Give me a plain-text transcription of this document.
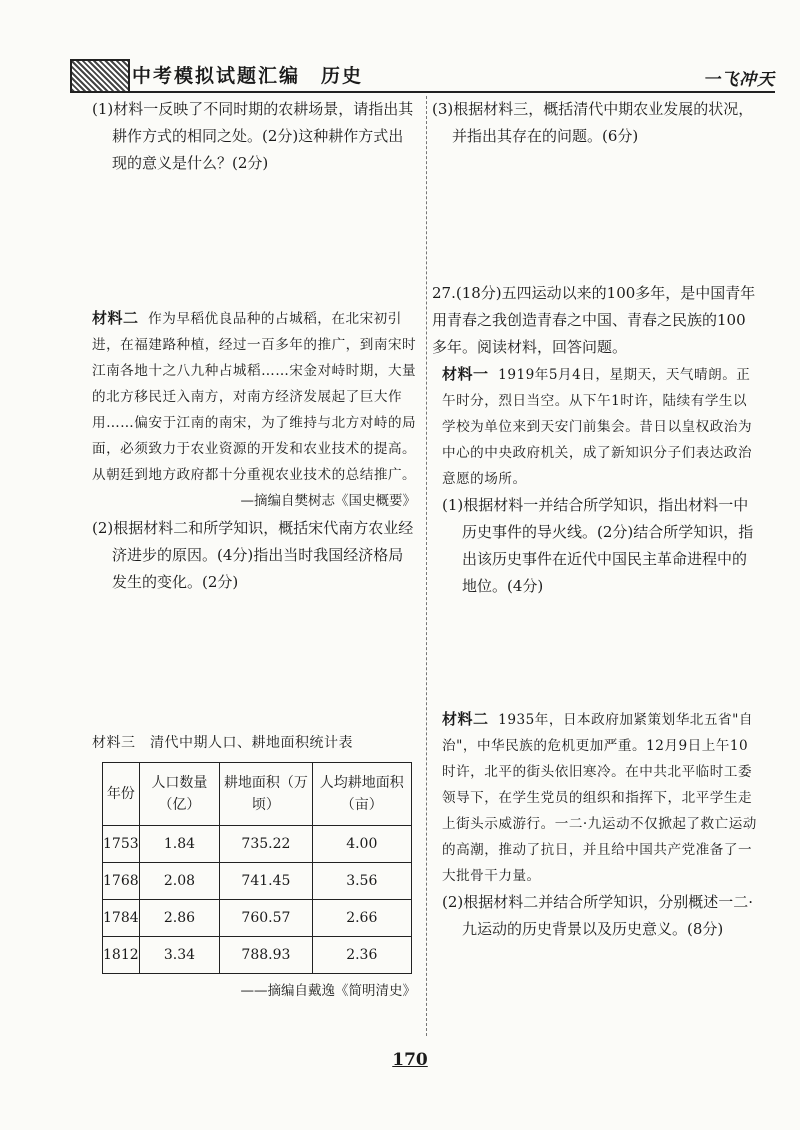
中考模拟试题汇编　历史	一飞冲天

(1)材料一反映了不同时期的农耕场景，请指出其耕作方式的相同之处。(2分)这种耕作方式出现的意义是什么？(2分)

材料二 作为早稻优良品种的占城稻，在北宋初引进，在福建路种植，经过一百多年的推广，到南宋时江南各地十之八九种占城稻……宋金对峙时期，大量的北方移民迁入南方，对南方经济发展起了巨大作用……偏安于江南的南宋，为了维持与北方对峙的局面，必须致力于农业资源的开发和农业技术的提高。从朝廷到地方政府都十分重视农业技术的总结推广。

—摘编自樊树志《国史概要》

(2)根据材料二和所学知识，概括宋代南方农业经济进步的原因。(4分)指出当时我国经济格局发生的变化。(2分)

材料三　清代中期人口、耕地面积统计表

年份	人口数量（亿）	耕地面积（万顷）	人均耕地面积（亩）
1753	1.84	735.22	4.00
1768	2.08	741.45	3.56
1784	2.86	760.57	2.66
1812	3.34	788.93	2.36

——摘编自戴逸《简明清史》

(3)根据材料三，概括清代中期农业发展的状况，并指出其存在的问题。(6分)

27.(18分)五四运动以来的100多年，是中国青年用青春之我创造青春之中国、青春之民族的100多年。阅读材料，回答问题。

材料一 1919年5月4日，星期天，天气晴朗。正午时分，烈日当空。从下午1时许，陆续有学生以学校为单位来到天安门前集会。昔日以皇权政治为中心的中央政府机关，成了新知识分子们表达政治意愿的场所。

(1)根据材料一并结合所学知识，指出材料一中历史事件的导火线。(2分)结合所学知识，指出该历史事件在近代中国民主革命进程中的地位。(4分)

材料二 1935年，日本政府加紧策划华北五省"自治"，中华民族的危机更加严重。12月9日上午10时许，北平的街头依旧寒冷。在中共北平临时工委领导下，在学生党员的组织和指挥下，北平学生走上街头示威游行。一二·九运动不仅掀起了救亡运动的高潮，推动了抗日，并且给中国共产党准备了一大批骨干力量。

(2)根据材料二并结合所学知识，分别概述一二·九运动的历史背景以及历史意义。(8分)

170
